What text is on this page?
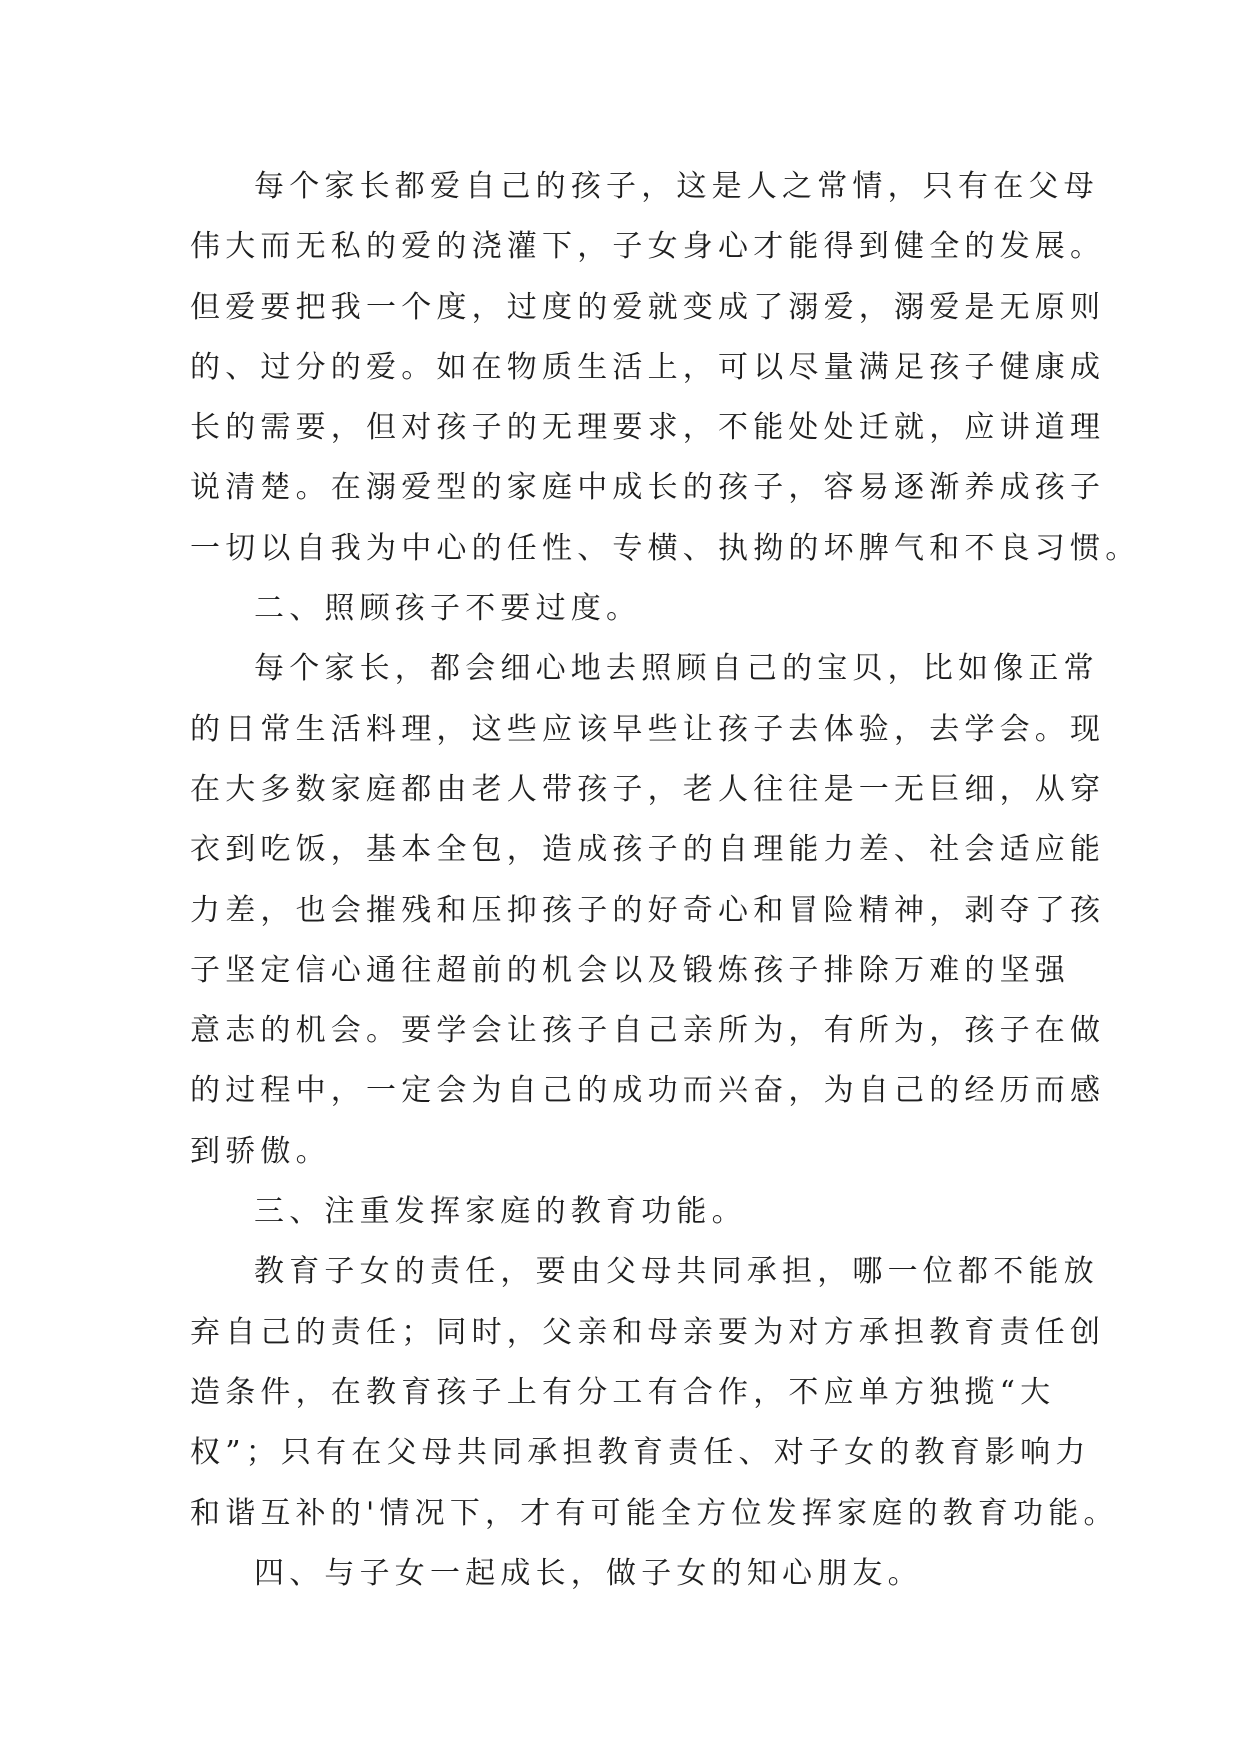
每个家长都爱自己的孩子，这是人之常情，只有在父母
伟大而无私的爱的浇灌下，子女身心才能得到健全的发展。
但爱要把我一个度，过度的爱就变成了溺爱，溺爱是无原则
的、过分的爱。如在物质生活上，可以尽量满足孩子健康成
长的需要，但对孩子的无理要求，不能处处迁就，应讲道理
说清楚。在溺爱型的家庭中成长的孩子，容易逐渐养成孩子
一切以自我为中心的任性、专横、执拗的坏脾气和不良习惯。
二、照顾孩子不要过度。
每个家长，都会细心地去照顾自己的宝贝，比如像正常
的日常生活料理，这些应该早些让孩子去体验，去学会。现
在大多数家庭都由老人带孩子，老人往往是一无巨细，从穿
衣到吃饭，基本全包，造成孩子的自理能力差、社会适应能
力差，也会摧残和压抑孩子的好奇心和冒险精神，剥夺了孩
子坚定信心通往超前的机会以及锻炼孩子排除万难的坚强
意志的机会。要学会让孩子自己亲所为，有所为，孩子在做
的过程中，一定会为自己的成功而兴奋，为自己的经历而感
到骄傲。
三、注重发挥家庭的教育功能。
教育子女的责任，要由父母共同承担，哪一位都不能放
弃自己的责任；同时，父亲和母亲要为对方承担教育责任创
造条件，在教育孩子上有分工有合作，不应单方独揽“大
权”；只有在父母共同承担教育责任、对子女的教育影响力
和谐互补的'情况下，才有可能全方位发挥家庭的教育功能。
四、与子女一起成长，做子女的知心朋友。
